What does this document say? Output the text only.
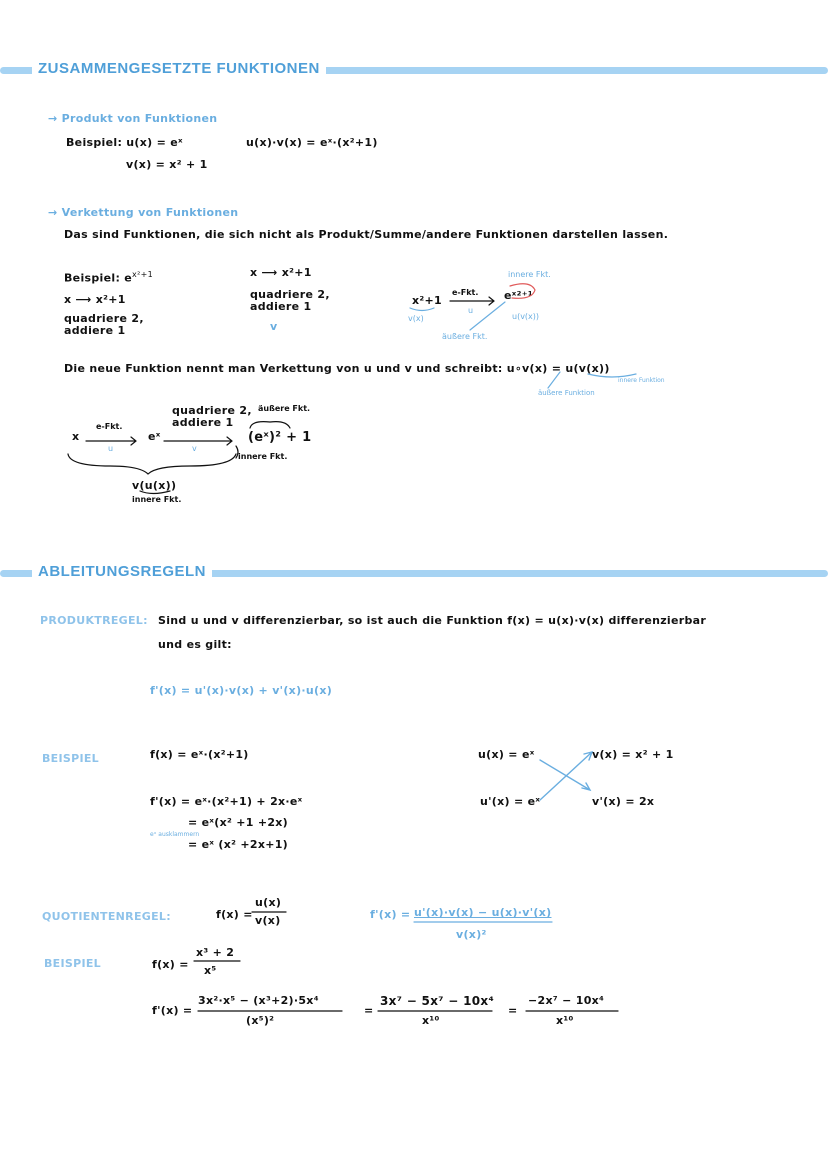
ZUSAMMENGESETZTE FUNKTIONEN
→ Produkt von Funktionen
Beispiel: u(x) = eˣ
v(x) = x² + 1
u(x)·v(x) = eˣ·(x²+1)
→ Verkettung von Funktionen
Das sind Funktionen, die sich nicht als Produkt/Summe/andere Funktionen darstellen lassen.
Beispiel: $e^{x^2+1}$
x ⟶ x²+1
quadriere 2,
addiere 1
x ⟶ x²+1
quadriere 2,
addiere 1
v
innere Fkt.
x²+1
e-Fkt.
u
eˣ²⁺¹
v(x)	u(v(x))
äußere Fkt.
Die neue Funktion nennt man Verkettung von u und v und schreibt: u∘v(x) = u(v(x))
innere Funktion
äußere Funktion
x
e-Fkt.
u
eˣ
quadriere 2,
addiere 1
v
äußere Fkt.
(eˣ)² + 1
innere Fkt.
v(u(x))
innere Fkt.
ABLEITUNGSREGELN
PRODUKTREGEL: Sind u und v differenzierbar, so ist auch die Funktion f(x) = u(x)·v(x) differenzierbar
und es gilt:
f'(x) = u'(x)·v(x) + v'(x)·u(x)
BEISPIEL	f(x) = eˣ·(x²+1)
f'(x) = eˣ·(x²+1) + 2x·eˣ
= eˣ(x² +1 +2x)
= eˣ (x² +2x+1)
eˣ ausklammern
u(x) = eˣ	v(x) = x² + 1
u'(x) = eˣ	v'(x) = 2x
QUOTIENTENREGEL:	f(x) =
u(x)
v(x)	f'(x) = u'(x)·v(x) − u(x)·v'(x)
v(x)²
BEISPIEL	f(x) =
x³ + 2
x⁵
f'(x) =
3x²·x⁵ − (x³+2)·5x⁴
(x⁵)²
=
3x⁷ − 5x⁷ − 10x⁴
x¹⁰
=
−2x⁷ − 10x⁴
x¹⁰
